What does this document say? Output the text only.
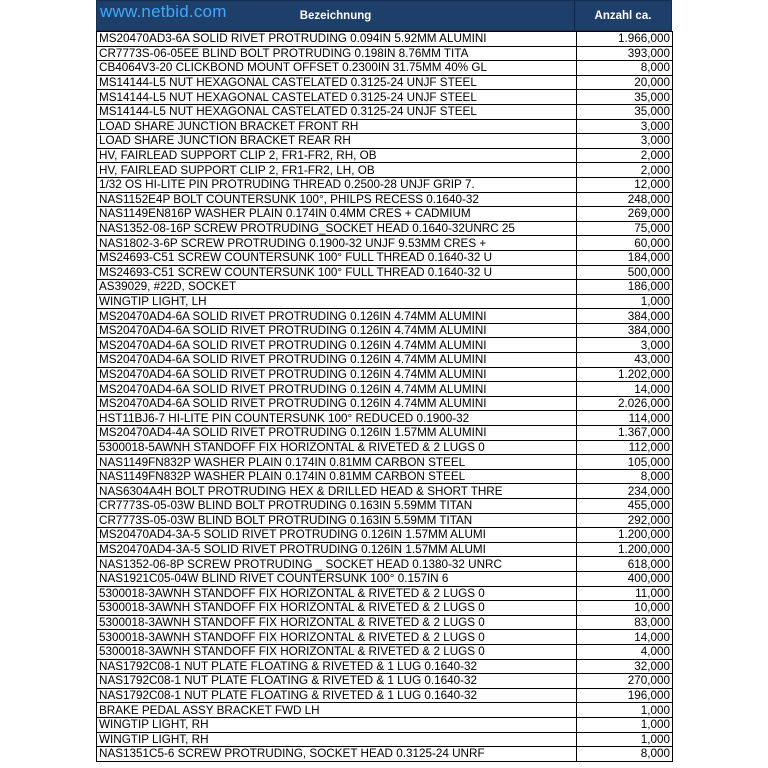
www.netbid.com	Bezeichnung	Anzahl ca.
MS20470AD3-6A SOLID RIVET PROTRUDING 0.094IN 5.92MM ALUMINI	1.966,000
CR7773S-06-05EE BLIND BOLT PROTRUDING 0.198IN 8.76MM TITA	393,000
CB4064V3-20 CLICKBOND MOUNT OFFSET 0.2300IN 31.75MM 40% GL	8,000
MS14144-L5 NUT HEXAGONAL CASTELATED 0.3125-24 UNJF STEEL	20,000
MS14144-L5 NUT HEXAGONAL CASTELATED 0.3125-24 UNJF STEEL	35,000
MS14144-L5 NUT HEXAGONAL CASTELATED 0.3125-24 UNJF STEEL	35,000
LOAD SHARE JUNCTION BRACKET FRONT RH	3,000
LOAD SHARE JUNCTION BRACKET REAR RH	3,000
HV, FAIRLEAD SUPPORT CLIP 2, FR1-FR2, RH, OB	2,000
HV, FAIRLEAD SUPPORT CLIP 2, FR1-FR2, LH, OB	2,000
1/32 OS HI-LITE PIN PROTRUDING THREAD 0.2500-28 UNJF GRIP 7.	12,000
NAS1152E4P BOLT COUNTERSUNK 100°, PHILPS RECESS 0.1640-32	248,000
NAS1149EN816P WASHER PLAIN 0.174IN 0.4MM CRES + CADMIUM	269,000
NAS1352-08-16P SCREW PROTRUDING_SOCKET HEAD 0.1640-32UNRC 25	75,000
NAS1802-3-6P SCREW PROTRUDING 0.1900-32 UNJF 9.53MM CRES +	60,000
MS24693-C51 SCREW COUNTERSUNK 100° FULL THREAD 0.1640-32 U	184,000
MS24693-C51 SCREW COUNTERSUNK 100° FULL THREAD 0.1640-32 U	500,000
AS39029, #22D, SOCKET	186,000
WINGTIP LIGHT, LH	1,000
MS20470AD4-6A SOLID RIVET PROTRUDING 0.126IN 4.74MM ALUMINI	384,000
MS20470AD4-6A SOLID RIVET PROTRUDING 0.126IN 4.74MM ALUMINI	384,000
MS20470AD4-6A SOLID RIVET PROTRUDING 0.126IN 4.74MM ALUMINI	3,000
MS20470AD4-6A SOLID RIVET PROTRUDING 0.126IN 4.74MM ALUMINI	43,000
MS20470AD4-6A SOLID RIVET PROTRUDING 0.126IN 4.74MM ALUMINI	1.202,000
MS20470AD4-6A SOLID RIVET PROTRUDING 0.126IN 4.74MM ALUMINI	14,000
MS20470AD4-6A SOLID RIVET PROTRUDING 0.126IN 4.74MM ALUMINI	2.026,000
HST11BJ6-7 HI-LITE PIN COUNTERSUNK 100° REDUCED 0.1900-32	114,000
MS20470AD4-4A SOLID RIVET PROTRUDING 0.126IN 1.57MM ALUMINI	1.367,000
5300018-5AWNH STANDOFF FIX HORIZONTAL & RIVETED & 2 LUGS 0	112,000
NAS1149FN832P WASHER PLAIN 0.174IN 0.81MM CARBON STEEL	105,000
NAS1149FN832P WASHER PLAIN 0.174IN 0.81MM CARBON STEEL	8,000
NAS6304A4H BOLT PROTRUDING HEX & DRILLED HEAD & SHORT THRE	234,000
CR7773S-05-03W BLIND BOLT PROTRUDING 0.163IN 5.59MM TITAN	455,000
CR7773S-05-03W BLIND BOLT PROTRUDING 0.163IN 5.59MM TITAN	292,000
MS20470AD4-3A-5 SOLID RIVET PROTRUDING 0.126IN 1.57MM ALUMI	1.200,000
MS20470AD4-3A-5 SOLID RIVET PROTRUDING 0.126IN 1.57MM ALUMI	1.200,000
NAS1352-06-8P SCREW PROTRUDING _ SOCKET HEAD 0.1380-32 UNRC	618,000
NAS1921C05-04W BLIND RIVET COUNTERSUNK 100° 0.157IN 6	400,000
5300018-3AWNH STANDOFF FIX HORIZONTAL & RIVETED & 2 LUGS 0	11,000
5300018-3AWNH STANDOFF FIX HORIZONTAL & RIVETED & 2 LUGS 0	10,000
5300018-3AWNH STANDOFF FIX HORIZONTAL & RIVETED & 2 LUGS 0	83,000
5300018-3AWNH STANDOFF FIX HORIZONTAL & RIVETED & 2 LUGS 0	14,000
5300018-3AWNH STANDOFF FIX HORIZONTAL & RIVETED & 2 LUGS 0	4,000
NAS1792C08-1 NUT PLATE FLOATING & RIVETED & 1 LUG 0.1640-32	32,000
NAS1792C08-1 NUT PLATE FLOATING & RIVETED & 1 LUG 0.1640-32	270,000
NAS1792C08-1 NUT PLATE FLOATING & RIVETED & 1 LUG 0.1640-32	196,000
BRAKE PEDAL ASSY BRACKET FWD LH	1,000
WINGTIP LIGHT, RH	1,000
WINGTIP LIGHT, RH	1,000
NAS1351C5-6 SCREW PROTRUDING, SOCKET HEAD 0.3125-24 UNRF	8,000
